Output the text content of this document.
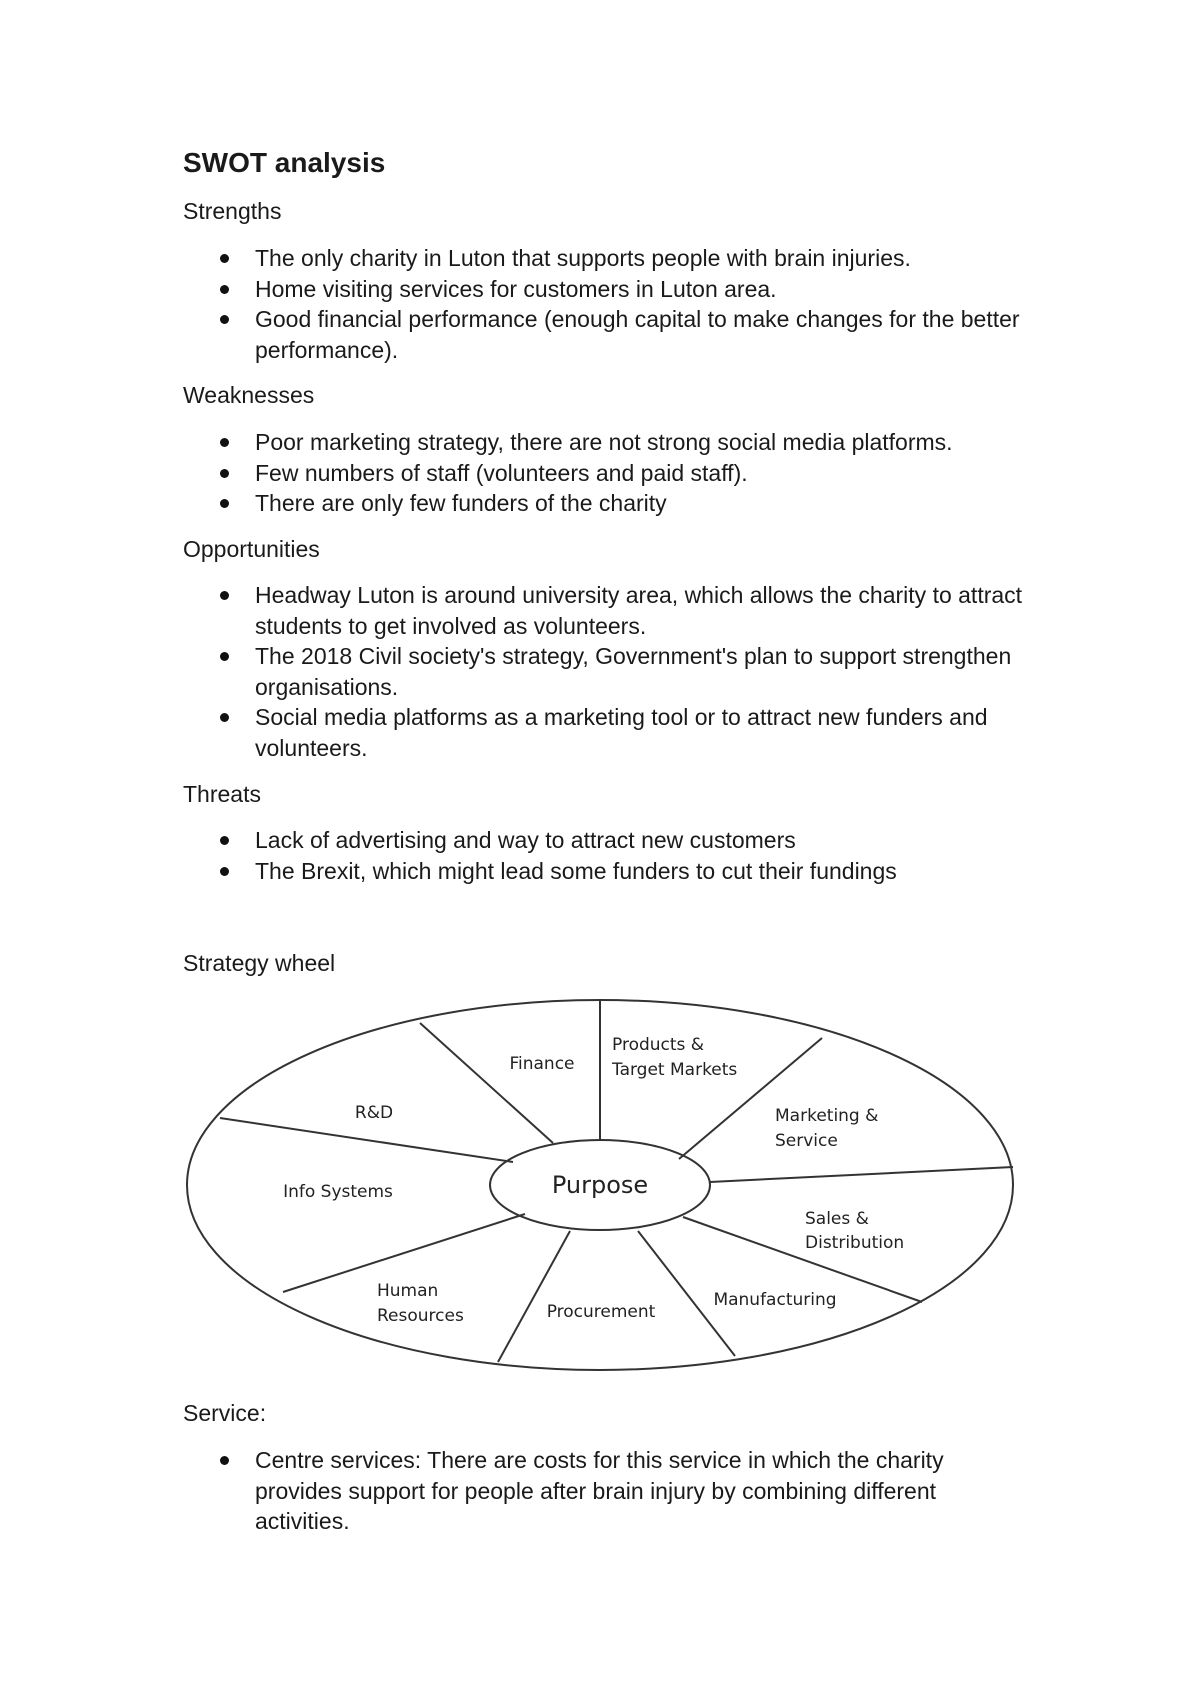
SWOT analysis

Strengths

The only charity in Luton that supports people with brain injuries.
Home visiting services for customers in Luton area.
Good financial performance (enough capital to make changes for the better performance).

Weaknesses

Poor marketing strategy, there are not strong social media platforms.
Few numbers of staff (volunteers and paid staff).
There are only few funders of the charity

Opportunities

Headway Luton is around university area, which allows the charity to attract students to get involved as volunteers.
The 2018 Civil society's strategy, Government's plan to support strengthen organisations.
Social media platforms as a marketing tool or to attract new funders and volunteers.

Threats

Lack of advertising and way to attract new customers
The Brexit, which might lead some funders to cut their fundings

Strategy wheel

Purpose
Finance
Products &
Target Markets
Marketing &
Service
Sales &
Distribution
Manufacturing
Procurement
Human
Resources
Info Systems
R&D

Service:

Centre services: There are costs for this service in which the charity provides support for people after brain injury by combining different activities.
